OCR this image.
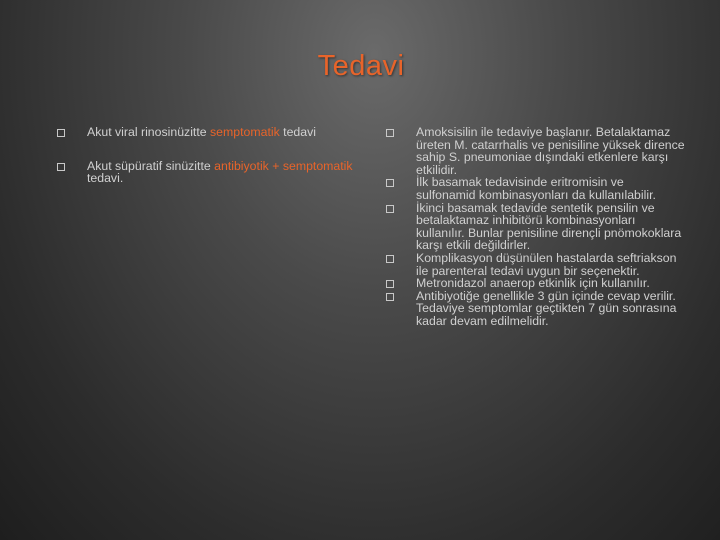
Tedavi
Akut viral rinosinüzitte semptomatik tedavi
Akut süpüratif sinüzitte antibiyotik + semptomatik tedavi.
Amoksisilin ile tedaviye başlanır. Betalaktamaz üreten M. catarrhalis ve penisiline yüksek dirence sahip S. pneumoniae dışındaki etkenlere karşı etkilidir.
İlk basamak tedavisinde eritromisin ve sulfonamid kombinasyonları da kullanılabilir.
İkinci basamak tedavide sentetik pensilin ve betalaktamaz inhibitörü kombinasyonları kullanılır. Bunlar penisiline dirençli pnömokoklara karşı etkili değildirler.
Komplikasyon düşünülen hastalarda seftriakson ile parenteral tedavi uygun bir seçenektir.
Metronidazol anaerop etkinlik için kullanılır.
Antibiyotiğe genellikle 3 gün içinde cevap verilir. Tedaviye semptomlar geçtikten 7 gün sonrasına kadar devam edilmelidir.
